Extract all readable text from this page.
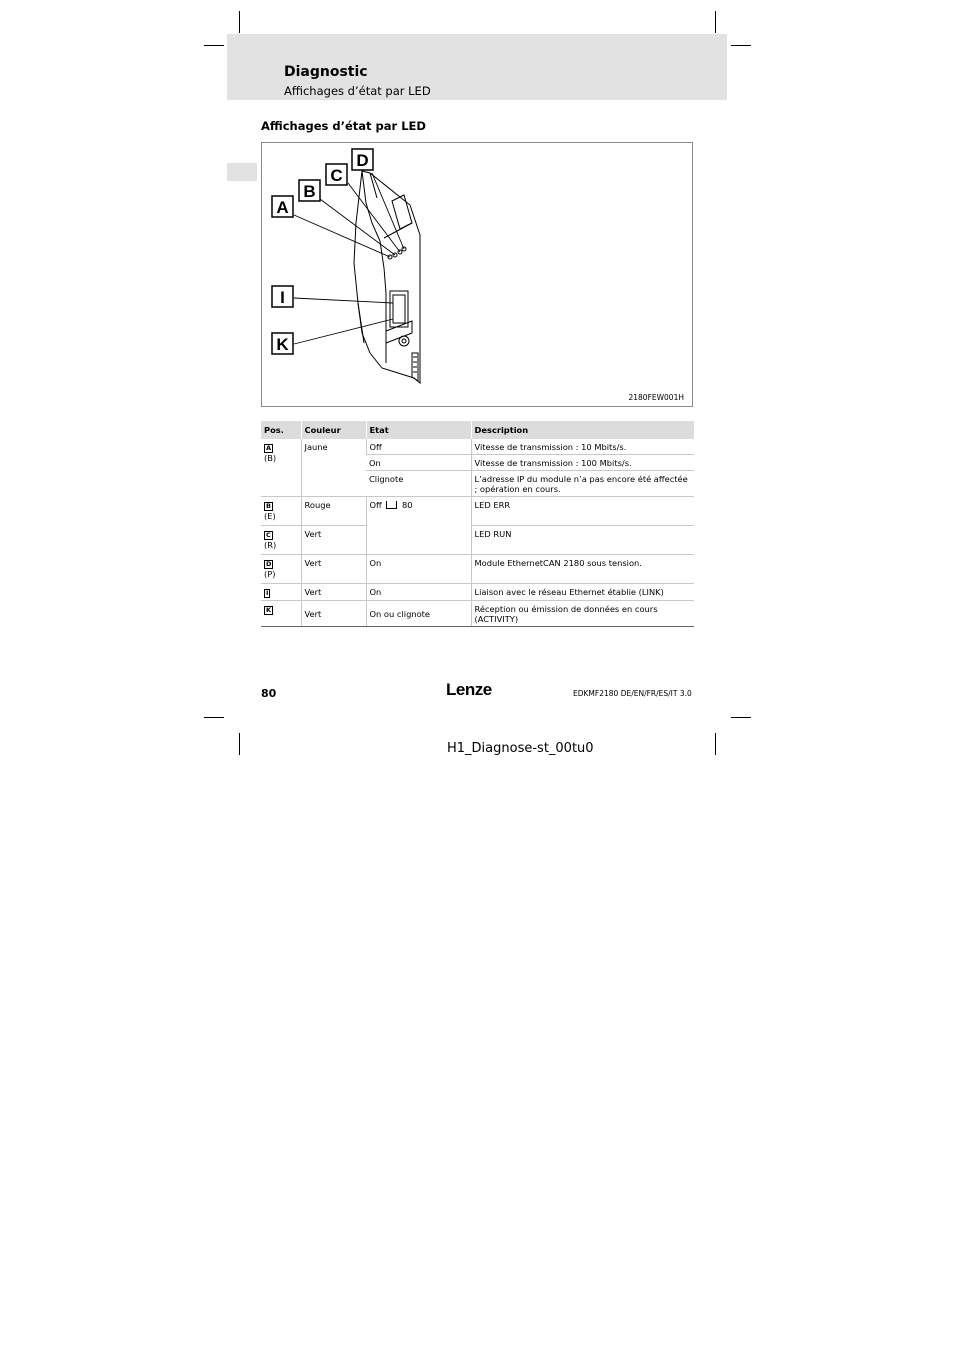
Diagnostic
Affichages d’état par LED
Affichages d’état par LED
A
B
C
D
I
K
2180FEW001H
Pos.	Couleur	Etat	Description
A
(B)	Jaune	Off	Vitesse de transmission : 10 Mbits/s.
		On	Vitesse de transmission : 100 Mbits/s.
		Clignote	L’adresse IP du module n’a pas encore été affectée ; opération en cours.
B
(E)	Rouge	Off 80	LED ERR
C
(R)	Vert		LED RUN
D
(P)	Vert	On	Module EthernetCAN 2180 sous tension.
I	Vert	On	Liaison avec le réseau Ethernet établie (LINK)
K	Vert	On ou clignote	Réception ou émission de données en cours (ACTIVITY)
80	Lenze	EDKMF2180 DE/EN/FR/ES/IT 3.0
H1_Diagnose-st_00tu0
